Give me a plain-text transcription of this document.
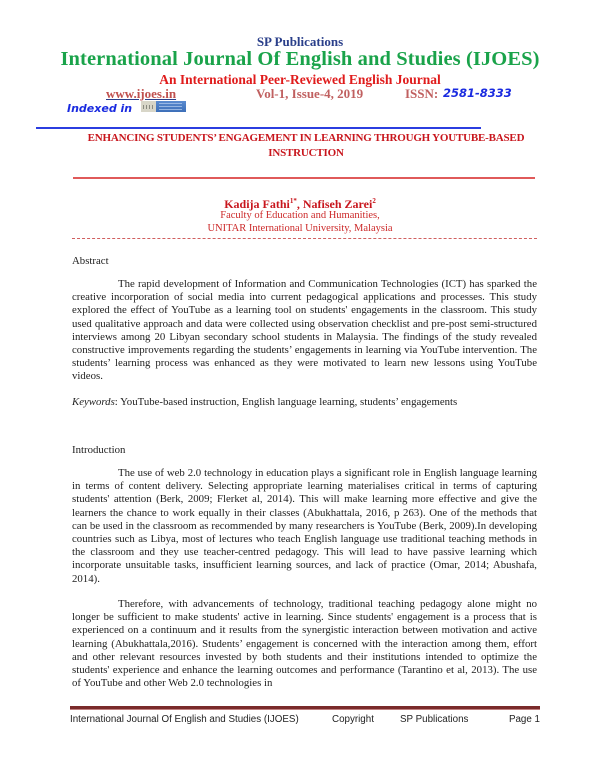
SP Publications
International Journal Of English and Studies (IJOES)
An International Peer-Reviewed English Journal
www.ijoes.in	Vol-1, Issue-4, 2019	ISSN: 2581-8333
Indexed in
ENHANCING STUDENTS’ ENGAGEMENT IN LEARNING THROUGH YOUTUBE-BASED INSTRUCTION
Kadija Fathi$^{1*}$, Nafiseh Zarei$^2$
Faculty of Education and Humanities,
UNITAR International University, Malaysia
Abstract

The rapid development of Information and Communication Technologies (ICT) has sparked the creative incorporation of social media into current pedagogical applications and processes. This study explored the effect of YouTube as a learning tool on students' engagements in the classroom. This study used qualitative approach and data were collected using observation checklist and pre-post semi-structured interviews among 20 Libyan secondary school students in Malaysia. The findings of the study revealed constructive improvements regarding the students’ engagements in learning via YouTube intervention. The students’ learning process was enhanced as they were motivated to learn new lessons using YouTube videos.

Keywords: YouTube-based instruction, English language learning, students’ engagements
Introduction

The use of web 2.0 technology in education plays a significant role in English language learning in terms of content delivery. Selecting appropriate learning materialises critical in terms of capturing students' attention (Berk, 2009; Flerket al, 2014). This will make learning more effective and give the learners the chance to work equally in their classes (Abukhattala, 2016, p 263). One of the methods that can be used in the classroom as recommended by many researchers is YouTube (Berk, 2009).In developing countries such as Libya, most of lectures who teach English language use traditional teaching methods in the classroom and they use teacher-centred pedagogy. This will lead to have passive learning which incorporate unsuitable tasks, insufficient learning sources, and lack of practice (Omar, 2014; Abushafa, 2014).

Therefore, with advancements of technology, traditional teaching pedagogy alone might no longer be sufficient to make students' active in learning. Since students' engagement is a process that is experienced on a continuum and it results from the synergistic interaction between motivation and active learning (Abukhattala,2016). Students’ engagement is concerned with the interaction among them, effort and other relevant resources invested by both students and their institutions intended to optimize the students' experience and enhance the learning outcomes and performance (Tarantino et al, 2013). The use of YouTube and other Web 2.0 technologies in

International Journal Of English and Studies (IJOES)	Copyright	SP Publications	Page 1
